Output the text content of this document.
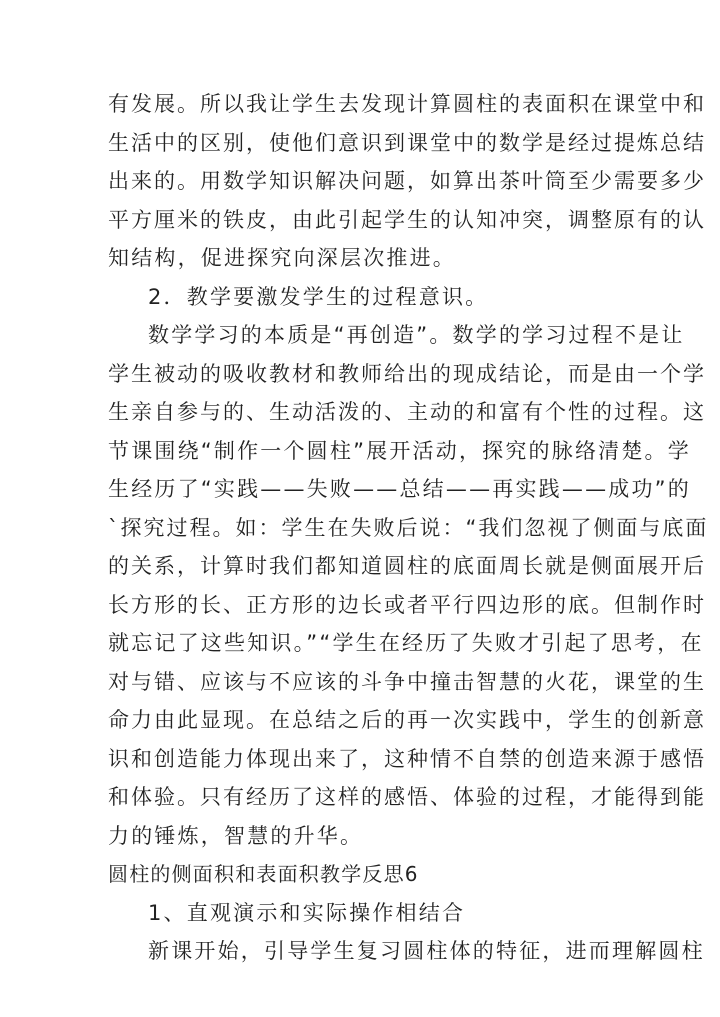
有发展。所以我让学生去发现计算圆柱的表面积在课堂中和
生活中的区别，使他们意识到课堂中的数学是经过提炼总结
出来的。用数学知识解决问题，如算出茶叶筒至少需要多少
平方厘米的铁皮，由此引起学生的认知冲突，调整原有的认
知结构，促进探究向深层次推进。
2．教学要激发学生的过程意识。
数学学习的本质是“再创造”。数学的学习过程不是让
学生被动的吸收教材和教师给出的现成结论，而是由一个学
生亲自参与的、生动活泼的、主动的和富有个性的过程。这
节课围绕“制作一个圆柱”展开活动，探究的脉络清楚。学
生经历了“实践——失败——总结——再实践——成功”的
`探究过程。如：学生在失败后说：“我们忽视了侧面与底面
的关系，计算时我们都知道圆柱的底面周长就是侧面展开后
长方形的长、正方形的边长或者平行四边形的底。但制作时
就忘记了这些知识。”“学生在经历了失败才引起了思考，在
对与错、应该与不应该的斗争中撞击智慧的火花，课堂的生
命力由此显现。在总结之后的再一次实践中，学生的创新意
识和创造能力体现出来了，这种情不自禁的创造来源于感悟
和体验。只有经历了这样的感悟、体验的过程，才能得到能
力的锤炼，智慧的升华。
圆柱的侧面积和表面积教学反思6
1、直观演示和实际操作相结合
新课开始，引导学生复习圆柱体的特征，进而理解圆柱
